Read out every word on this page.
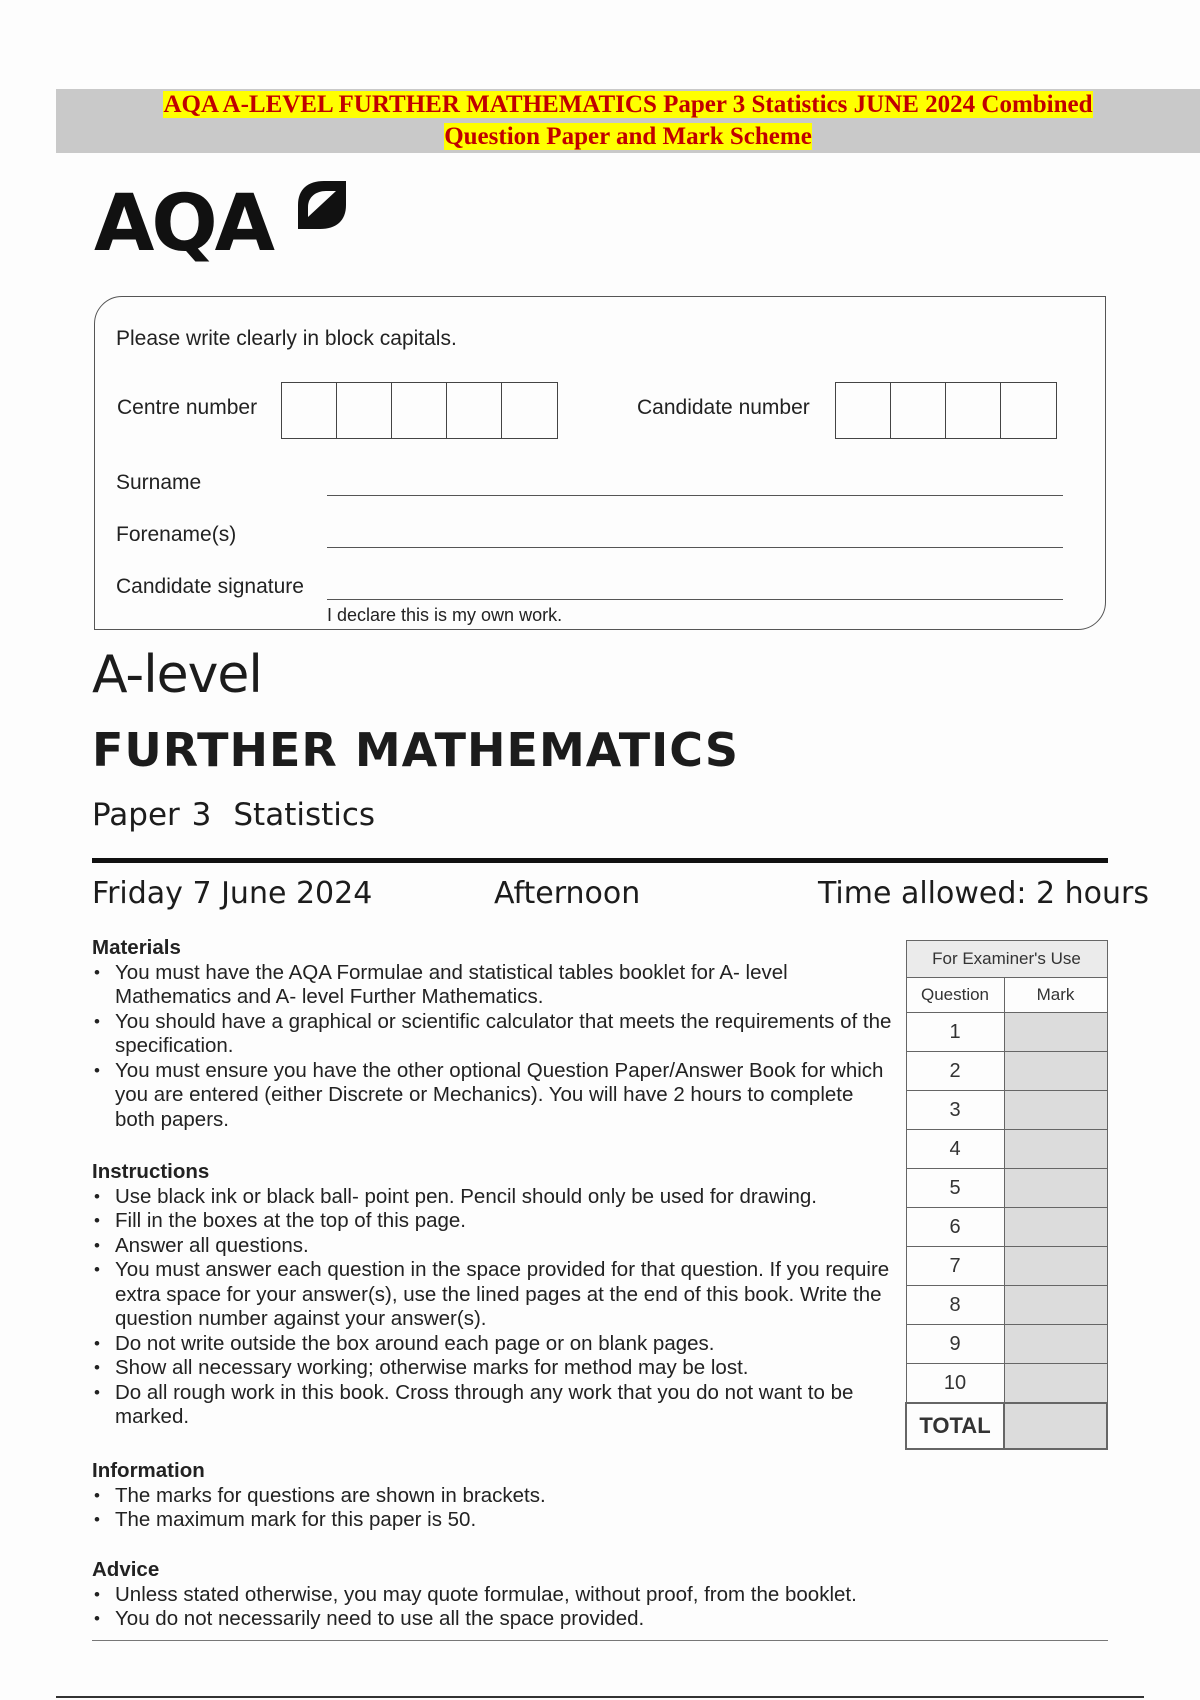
AQA A-LEVEL FURTHER MATHEMATICS Paper 3 Statistics JUNE 2024 Combined
Question Paper and Mark Scheme
AQA
Please write clearly in block capitals.
Centre number	Candidate number
Surname
Forename(s)
Candidate signature
I declare this is my own work.
A-level
FURTHER MATHEMATICS
Paper 3 Statistics
Friday 7 June 2024	Afternoon	Time allowed: 2 hours
Materials
• You must have the AQA Formulae and statistical tables booklet for A- level Mathematics and A- level Further Mathematics.
• You should have a graphical or scientific calculator that meets the requirements of the specification.
• You must ensure you have the other optional Question Paper/Answer Book for which you are entered (either Discrete or Mechanics). You will have 2 hours to complete both papers.
Instructions
• Use black ink or black ball- point pen. Pencil should only be used for drawing.
• Fill in the boxes at the top of this page.
• Answer all questions.
• You must answer each question in the space provided for that question. If you require extra space for your answer(s), use the lined pages at the end of this book. Write the question number against your answer(s).
• Do not write outside the box around each page or on blank pages.
• Show all necessary working; otherwise marks for method may be lost.
• Do all rough work in this book. Cross through any work that you do not want to be marked.
Information
• The marks for questions are shown in brackets.
• The maximum mark for this paper is 50.
Advice
• Unless stated otherwise, you may quote formulae, without proof, from the booklet.
• You do not necessarily need to use all the space provided.
For Examiner's Use	
Question	Mark
1	
2	
3	
4	
5	
6	
7	
8	
9	
10	
TOTAL	
